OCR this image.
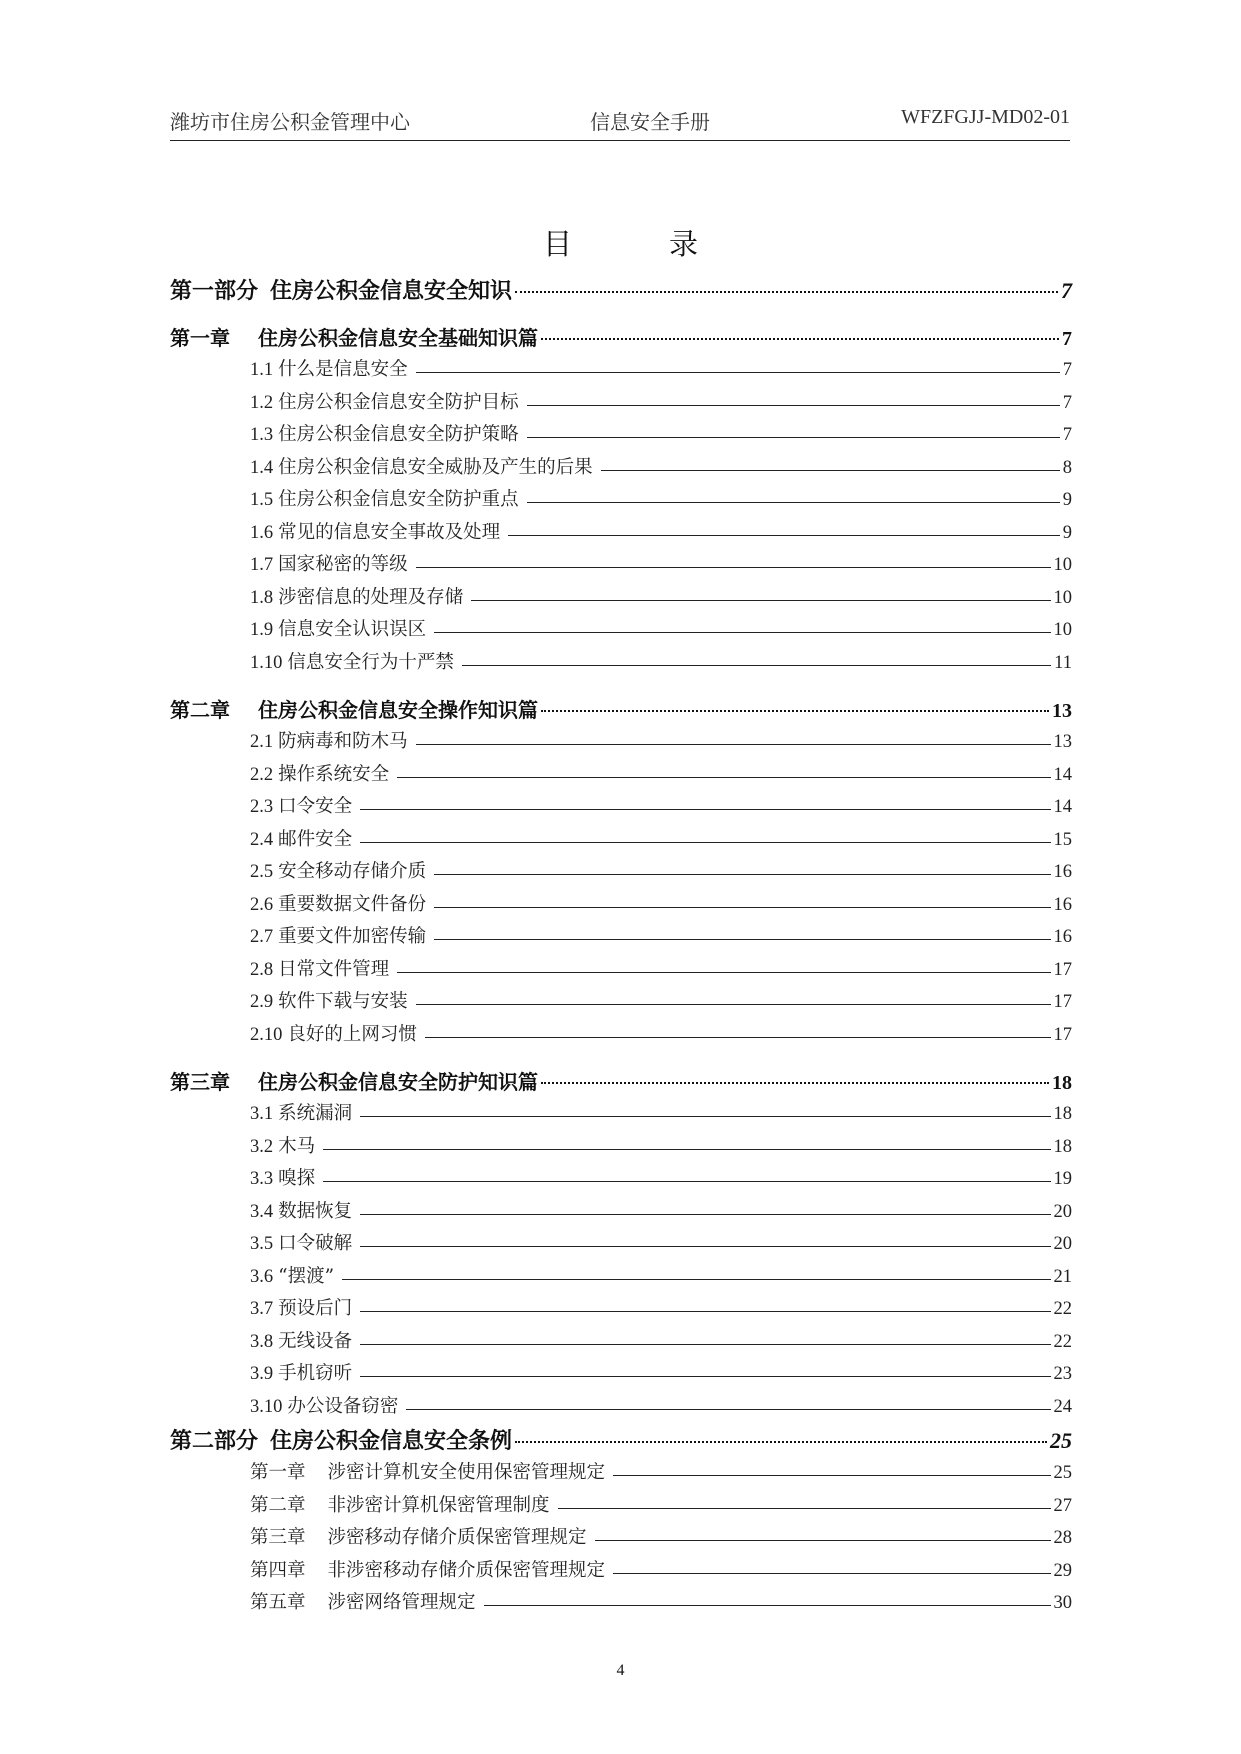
潍坊市住房公积金管理中心	信息安全手册	WFZFGJJ-MD02-01
目　录
第一部分 住房公积金信息安全知识	7
第一章 住房公积金信息安全基础知识篇	7
1.1 什么是信息安全	7
1.2 住房公积金信息安全防护目标	7
1.3 住房公积金信息安全防护策略	7
1.4 住房公积金信息安全威胁及产生的后果	8
1.5 住房公积金信息安全防护重点	9
1.6 常见的信息安全事故及处理	9
1.7 国家秘密的等级	10
1.8 涉密信息的处理及存储	10
1.9 信息安全认识误区	10
1.10 信息安全行为十严禁	11
第二章 住房公积金信息安全操作知识篇	13
2.1 防病毒和防木马	13
2.2 操作系统安全	14
2.3 口令安全	14
2.4 邮件安全	15
2.5 安全移动存储介质	16
2.6 重要数据文件备份	16
2.7 重要文件加密传输	16
2.8 日常文件管理	17
2.9 软件下载与安装	17
2.10 良好的上网习惯	17
第三章 住房公积金信息安全防护知识篇	18
3.1 系统漏洞	18
3.2 木马	18
3.3 嗅探	19
3.4 数据恢复	20
3.5 口令破解	20
3.6 “摆渡”	21
3.7 预设后门	22
3.8 无线设备	22
3.9 手机窃听	23
3.10 办公设备窃密	24
第二部分 住房公积金信息安全条例	25
第一章 涉密计算机安全使用保密管理规定	25
第二章 非涉密计算机保密管理制度	27
第三章 涉密移动存储介质保密管理规定	28
第四章 非涉密移动存储介质保密管理规定	29
第五章 涉密网络管理规定	30
4
